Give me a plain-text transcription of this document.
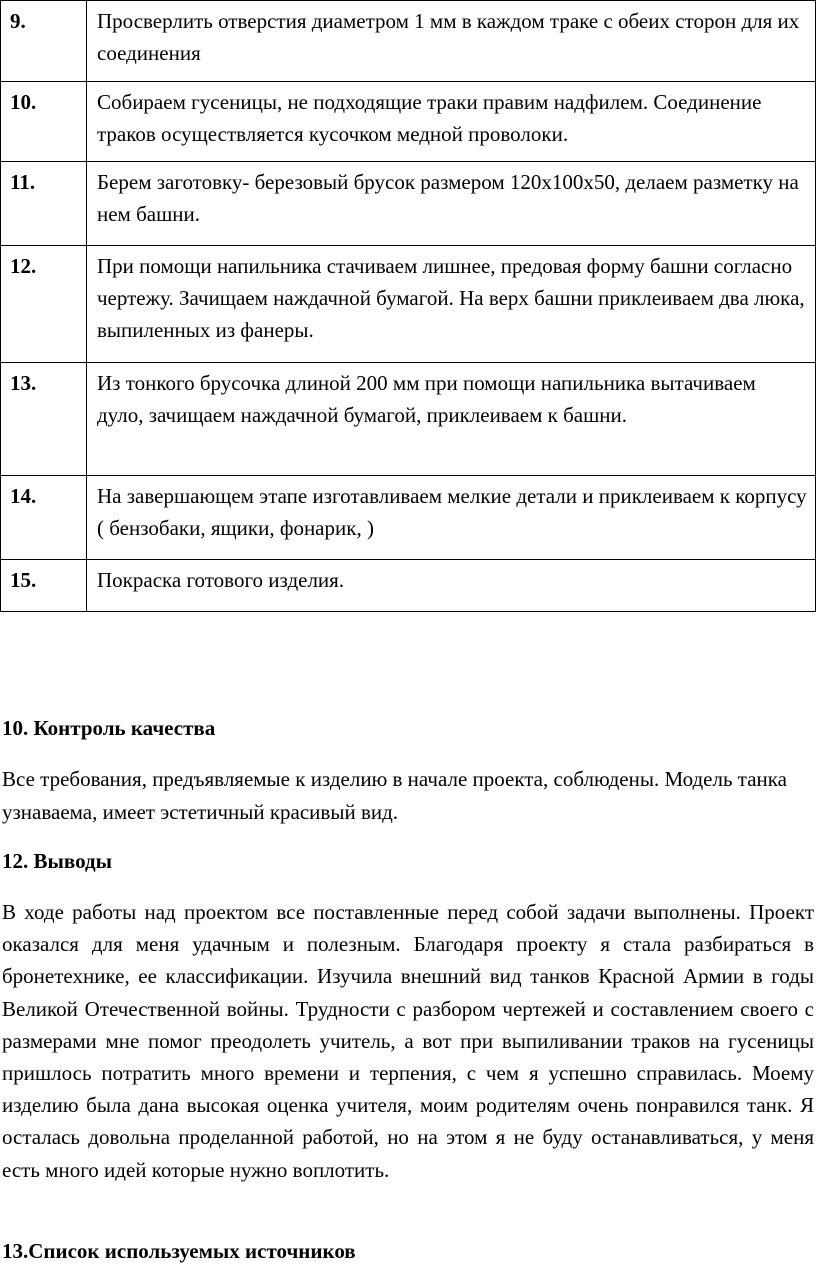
9.	Просверлить отверстия диаметром 1 мм в каждом траке с обеих сторон для их соединения
10.	Собираем гусеницы, не подходящие траки правим надфилем. Соединение траков осуществляется кусочком медной проволоки.
11.	Берем заготовку- березовый брусок размером 120х100х50, делаем разметку на нем башни.
12.	При помощи напильника стачиваем лишнее, предовая форму башни согласно чертежу. Зачищаем наждачной бумагой. На верх башни приклеиваем два люка, выпиленных из фанеры.
13.	Из тонкого брусочка длиной 200 мм при помощи напильника вытачиваем дуло, зачищаем наждачной бумагой, приклеиваем к башни.
14.	На завершающем этапе изготавливаем мелкие детали и приклеиваем к корпусу ( бензобаки, ящики, фонарик, )
15.	Покраска готового изделия.
10. Контроль качества
Все требования, предъявляемые к изделию в начале проекта, соблюдены. Модель танка узнаваема, имеет эстетичный красивый вид.
12. Выводы
В ходе работы над проектом все поставленные перед собой задачи выполнены. Проект оказался для меня удачным и полезным. Благодаря проекту я стала разбираться в бронетехнике, ее классификации. Изучила внешний вид танков Красной Армии в годы Великой Отечественной войны. Трудности с разбором чертежей и составлением своего с размерами мне помог преодолеть учитель, а вот при выпиливании траков на гусеницы пришлось потратить много времени и терпения, с чем я успешно справилась. Моему изделию была дана высокая оценка учителя, моим родителям очень понравился танк. Я осталась довольна проделанной работой, но на этом я не буду останавливаться, у меня есть много идей которые нужно воплотить.
13.Список используемых источников
